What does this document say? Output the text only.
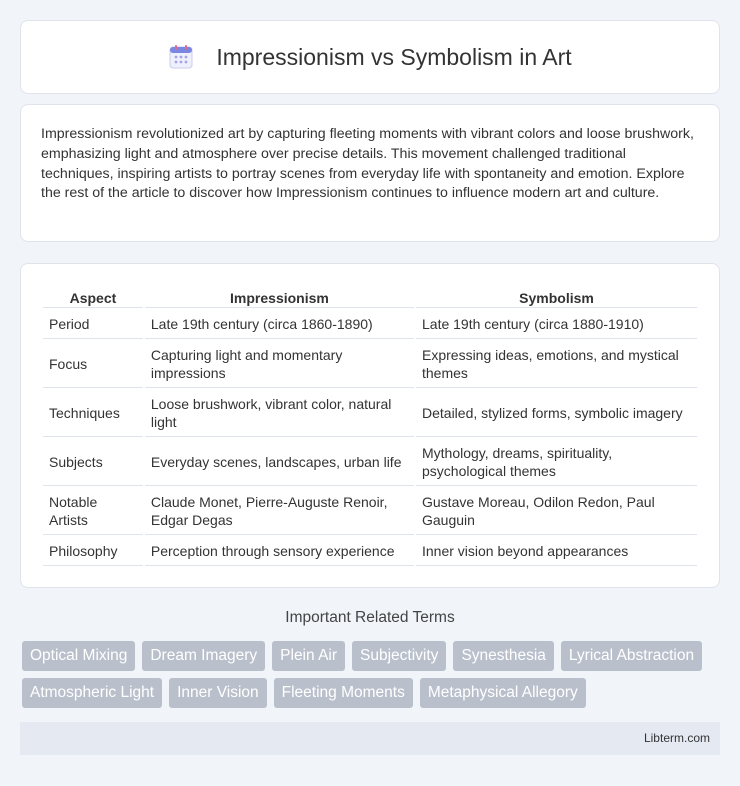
Impressionism vs Symbolism in Art

Impressionism revolutionized art by capturing fleeting moments with vibrant colors and loose brushwork, emphasizing light and atmosphere over precise details. This movement challenged traditional techniques, inspiring artists to portray scenes from everyday life with spontaneity and emotion. Explore the rest of the article to discover how Impressionism continues to influence modern art and culture.

Aspect	Impressionism	Symbolism
Period	Late 19th century (circa 1860-1890)	Late 19th century (circa 1880-1910)
Focus	Capturing light and momentary impressions	Expressing ideas, emotions, and mystical themes
Techniques	Loose brushwork, vibrant color, natural light	Detailed, stylized forms, symbolic imagery
Subjects	Everyday scenes, landscapes, urban life	Mythology, dreams, spirituality, psychological themes
Notable Artists	Claude Monet, Pierre-Auguste Renoir, Edgar Degas	Gustave Moreau, Odilon Redon, Paul Gauguin
Philosophy	Perception through sensory experience	Inner vision beyond appearances
Important Related Terms
Optical Mixing	Dream Imagery	Plein Air	Subjectivity	Synesthesia	Lyrical Abstraction
Atmospheric Light	Inner Vision	Fleeting Moments	Metaphysical Allegory
Libterm.com
